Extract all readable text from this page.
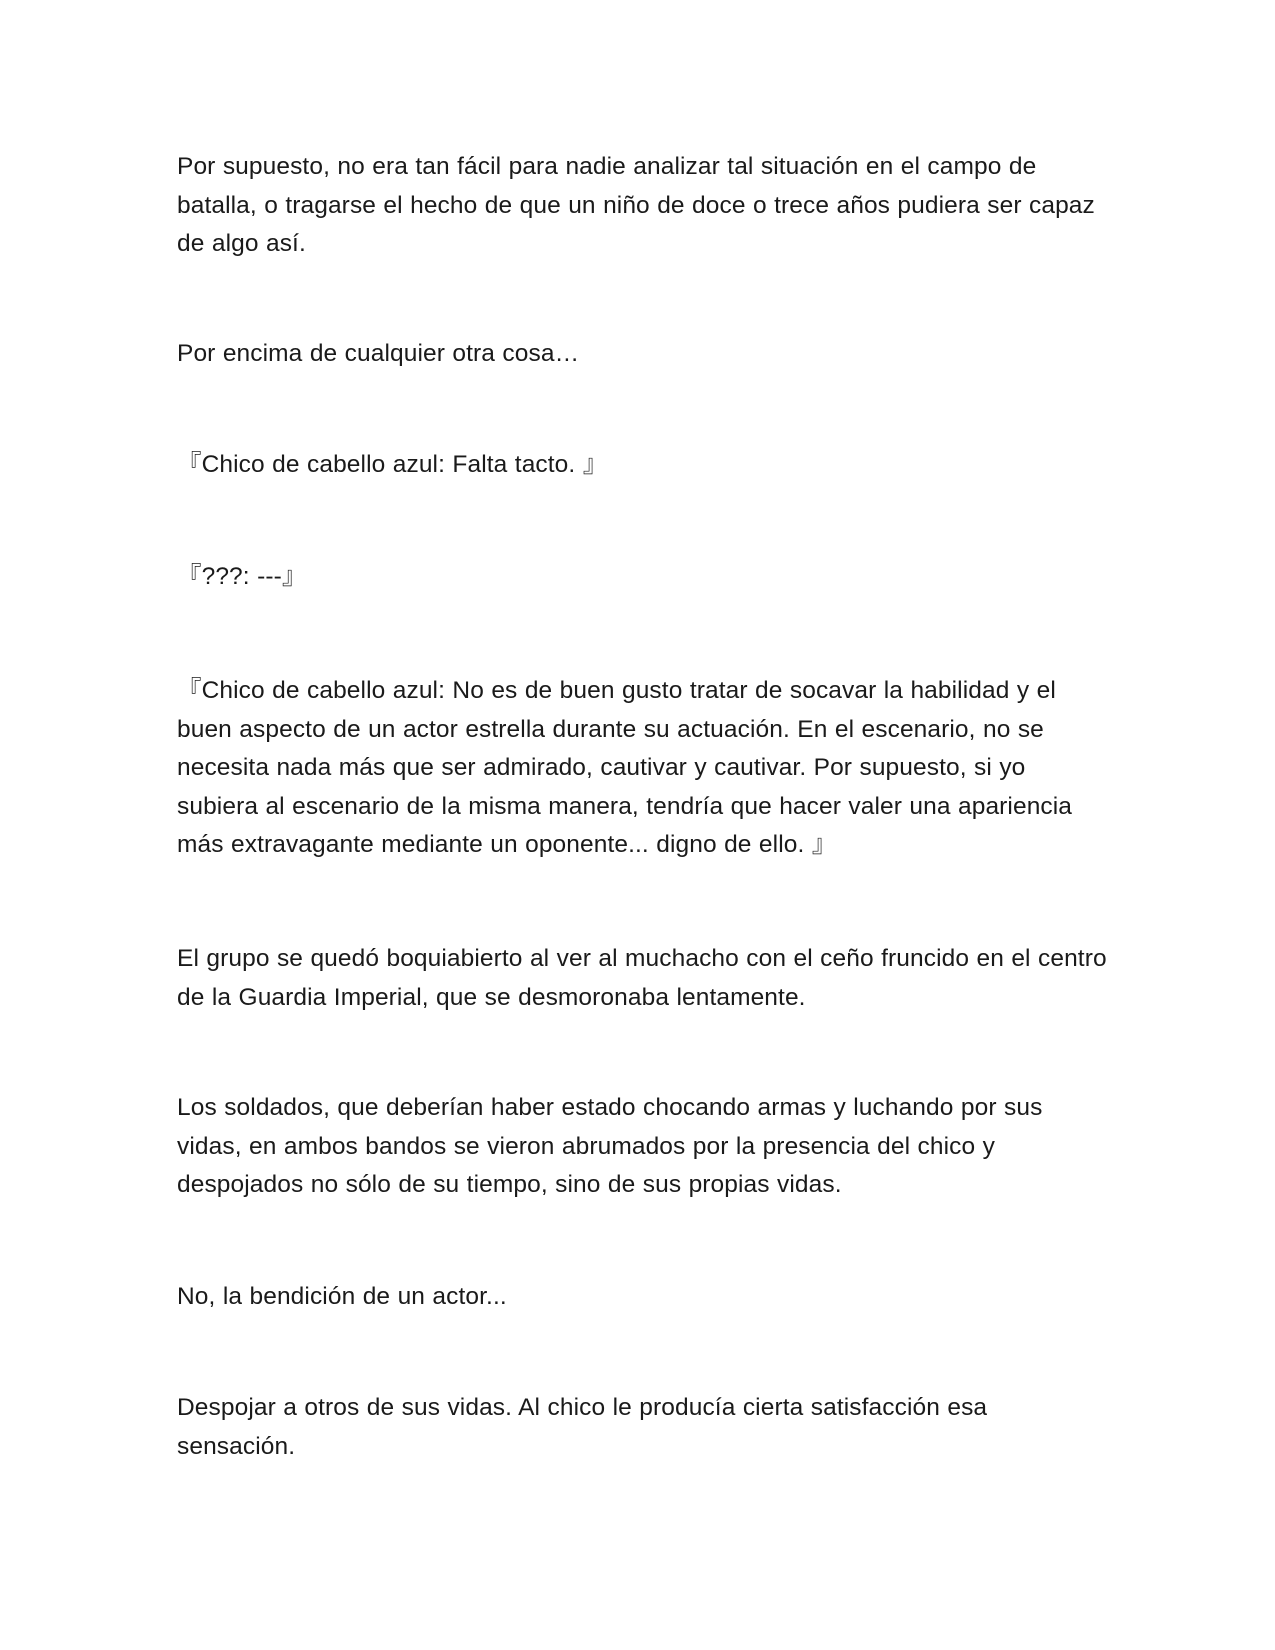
Por supuesto, no era tan fácil para nadie analizar tal situación en el campo de batalla, o tragarse el hecho de que un niño de doce o trece años pudiera ser capaz de algo así.

Por encima de cualquier otra cosa…

『Chico de cabello azul: Falta tacto. 』

『???: ---』

『Chico de cabello azul: No es de buen gusto tratar de socavar la habilidad y el buen aspecto de un actor estrella durante su actuación. En el escenario, no se necesita nada más que ser admirado, cautivar y cautivar. Por supuesto, si yo subiera al escenario de la misma manera, tendría que hacer valer una apariencia más extravagante mediante un oponente... digno de ello. 』

El grupo se quedó boquiabierto al ver al muchacho con el ceño fruncido en el centro de la Guardia Imperial, que se desmoronaba lentamente.

Los soldados, que deberían haber estado chocando armas y luchando por sus vidas, en ambos bandos se vieron abrumados por la presencia del chico y despojados no sólo de su tiempo, sino de sus propias vidas.

No, la bendición de un actor...

Despojar a otros de sus vidas. Al chico le producía cierta satisfacción esa sensación.
